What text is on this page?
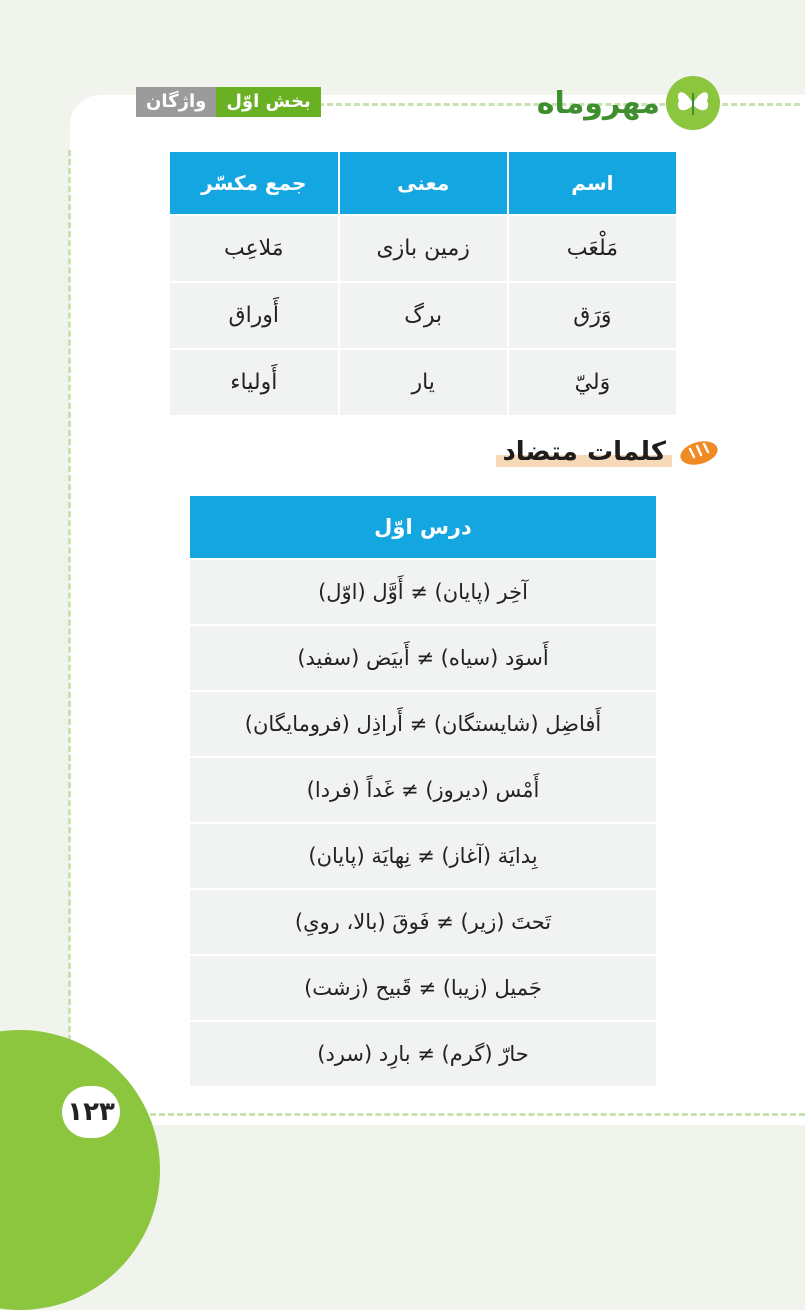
۱۲۳
مهروماه
واژگان	بخش اوّل
اسم	معنی	جمع مکسّر
مَلْعَب	زمین بازی	مَلاعِب
وَرَق	برگ	أَوراق
وَليّ	یار	أَولياء
کلمات متضاد
درس اوّل
آخِر (پایان) ≠ أَوَّل (اوّل)
أَسوَد (سیاه) ≠ أَبیَض (سفید)
أَفاضِل (شایستگان) ≠ أَراذِل (فرومایگان)
أَمْس (دیروز) ≠ غَداً (فردا)
بِدايَة (آغاز) ≠ نِهايَة (پایان)
تَحتَ (زیر) ≠ فَوقَ (بالا، رویِ)
جَميل (زیبا) ≠ قَبيح (زشت)
حارّ (گرم) ≠ بارِد (سرد)
